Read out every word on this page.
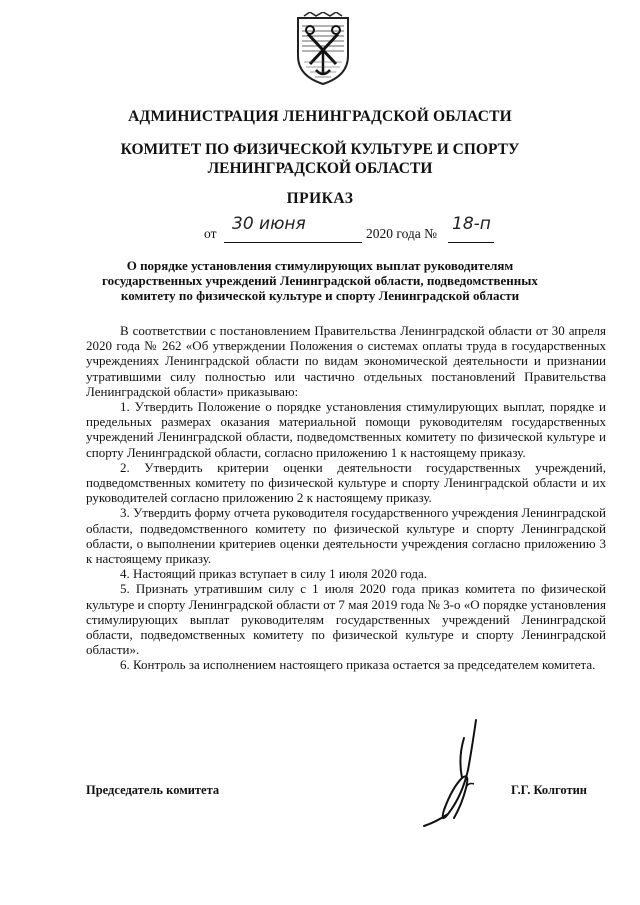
АДМИНИСТРАЦИЯ ЛЕНИНГРАДСКОЙ ОБЛАСТИ
КОМИТЕТ ПО ФИЗИЧЕСКОЙ КУЛЬТУРЕ И СПОРТУ
ЛЕНИНГРАДСКОЙ ОБЛАСТИ
ПРИКАЗ
от 30 июня	2020 года № 18-п
О порядке установления стимулирующих выплат руководителям
государственных учреждений Ленинградской области, подведомственных
комитету по физической культуре и спорту Ленинградской области

В соответствии с постановлением Правительства Ленинградской области от 30 апреля 2020 года № 262 «Об утверждении Положения о системах оплаты труда в государственных учреждениях Ленинградской области по видам экономической деятельности и признании утратившими силу полностью или частично отдельных постановлений Правительства Ленинградской области» приказываю:

1. Утвердить Положение о порядке установления стимулирующих выплат, порядке и предельных размерах оказания материальной помощи руководителям государственных учреждений Ленинградской области, подведомственных комитету по физической культуре и спорту Ленинградской области, согласно приложению 1 к настоящему приказу.

2. Утвердить критерии оценки деятельности государственных учреждений, подведомственных комитету по физической культуре и спорту Ленинградской области и их руководителей согласно приложению 2 к настоящему приказу.

3. Утвердить форму отчета руководителя государственного учреждения Ленинградской области, подведомственного комитету по физической культуре и спорту Ленинградской области, о выполнении критериев оценки деятельности учреждения согласно приложению 3 к настоящему приказу.

4. Настоящий приказ вступает в силу 1 июля 2020 года.

5. Признать утратившим силу с 1 июля 2020 года приказ комитета по физической культуре и спорту Ленинградской области от 7 мая 2019 года № 3-о «О порядке установления стимулирующих выплат руководителям государственных учреждений Ленинградской области, подведомственных комитету по физической культуре и спорту Ленинградской области».

6. Контроль за исполнением настоящего приказа остается за председателем комитета.

Председатель комитета	Г.Г. Колготин
